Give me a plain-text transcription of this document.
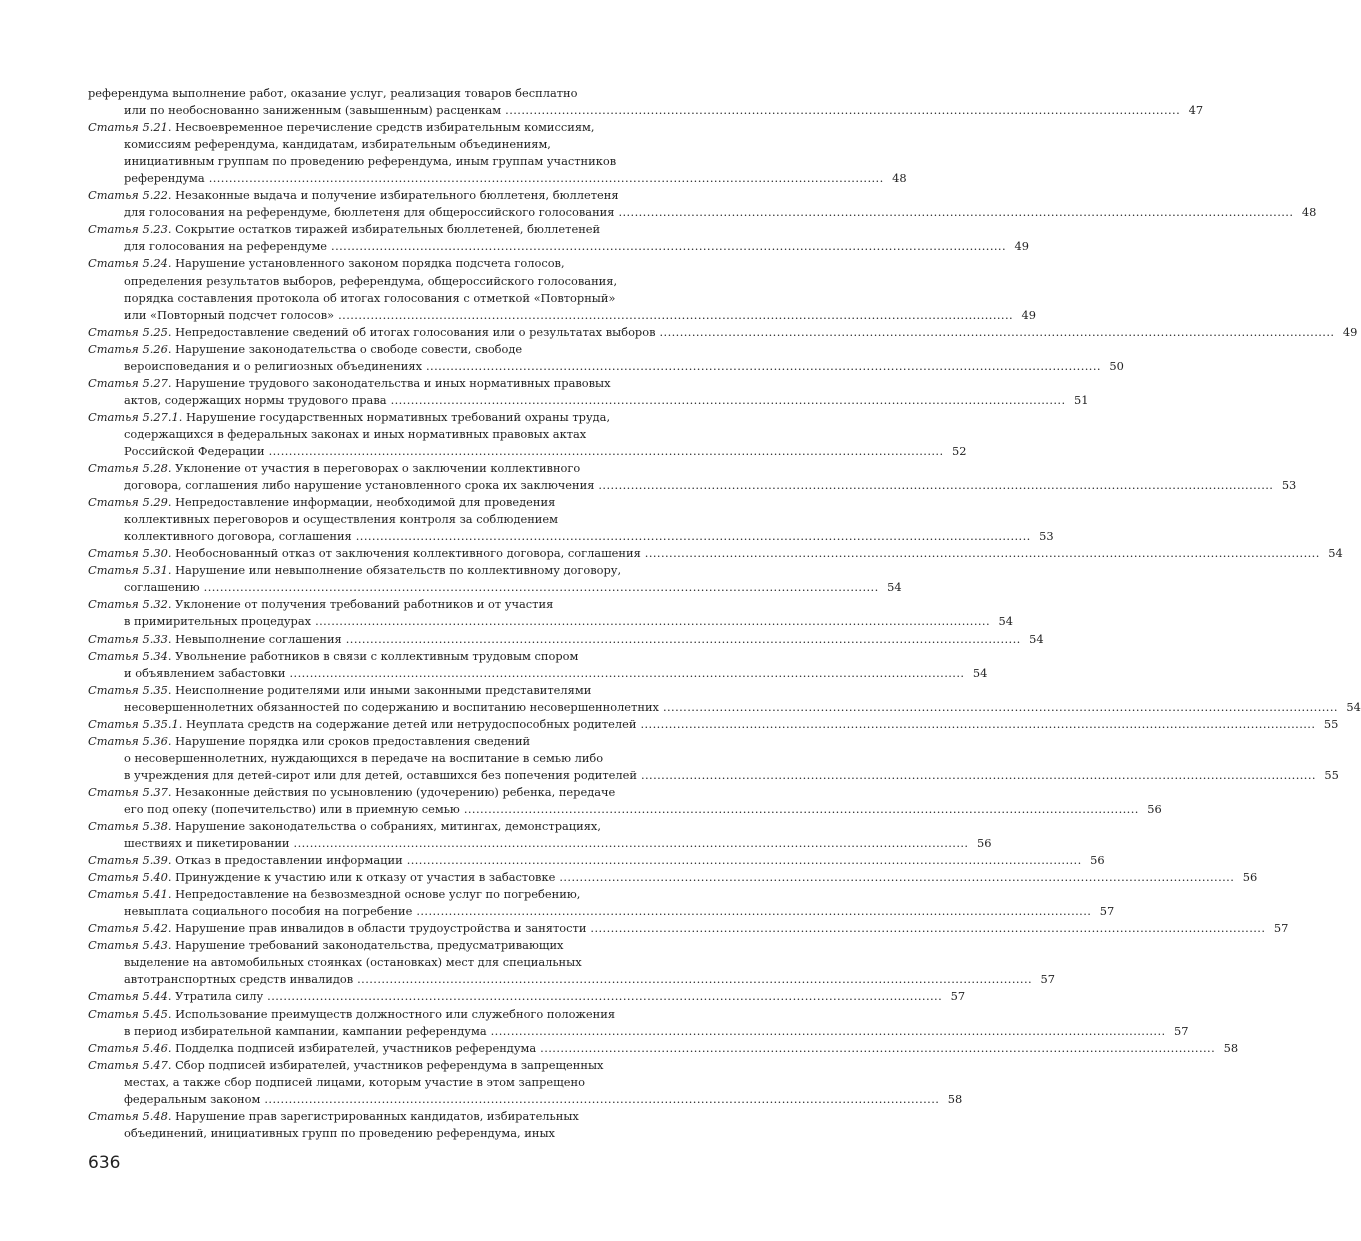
референдума выполнение работ, оказание услуг, реализация товаров бесплатно
или по необоснованно заниженным (завышенным) расценкам . . .	47
Статья 5.21. Несвоевременное перечисление средств избирательным комиссиям,
комиссиям референдума, кандидатам, избирательным объединениям,
инициативным группам по проведению референдума, иным группам участников
референдума . . .	48
Статья 5.22. Незаконные выдача и получение избирательного бюллетеня, бюллетеня
для голосования на референдуме, бюллетеня для общероссийского голосования . . .	48
Статья 5.23. Сокрытие остатков тиражей избирательных бюллетеней, бюллетеней
для голосования на референдуме . . .	49
Статья 5.24. Нарушение установленного законом порядка подсчета голосов,
определения результатов выборов, референдума, общероссийского голосования,
порядка составления протокола об итогах голосования с отметкой «Повторный»
или «Повторный подсчет голосов» . . .	49
Статья 5.25. Непредоставление сведений об итогах голосования или о результатах выборов . . .	49
Статья 5.26. Нарушение законодательства о свободе совести, свободе
вероисповедания и о религиозных объединениях . . .	50
Статья 5.27. Нарушение трудового законодательства и иных нормативных правовых
актов, содержащих нормы трудового права . . .	51
Статья 5.27.1. Нарушение государственных нормативных требований охраны труда,
содержащихся в федеральных законах и иных нормативных правовых актах
Российской Федерации . . .	52
Статья 5.28. Уклонение от участия в переговорах о заключении коллективного
договора, соглашения либо нарушение установленного срока их заключения . . .	53
Статья 5.29. Непредоставление информации, необходимой для проведения
коллективных переговоров и осуществления контроля за соблюдением
коллективного договора, соглашения . . .	53
Статья 5.30. Необоснованный отказ от заключения коллективного договора, соглашения . . .	54
Статья 5.31. Нарушение или невыполнение обязательств по коллективному договору,
соглашению . . .	54
Статья 5.32. Уклонение от получения требований работников и от участия
в примирительных процедурах . . .	54
Статья 5.33. Невыполнение соглашения . . .	54
Статья 5.34. Увольнение работников в связи с коллективным трудовым спором
и объявлением забастовки . . .	54
Статья 5.35. Неисполнение родителями или иными законными представителями
несовершеннолетних обязанностей по содержанию и воспитанию несовершеннолетних . . .	54
Статья 5.35.1. Неуплата средств на содержание детей или нетрудоспособных родителей . . .	55
Статья 5.36. Нарушение порядка или сроков предоставления сведений
о несовершеннолетних, нуждающихся в передаче на воспитание в семью либо
в учреждения для детей-сирот или для детей, оставшихся без попечения родителей . . .	55
Статья 5.37. Незаконные действия по усыновлению (удочерению) ребенка, передаче
его под опеку (попечительство) или в приемную семью . . .	56
Статья 5.38. Нарушение законодательства о собраниях, митингах, демонстрациях,
шествиях и пикетировании . . .	56
Статья 5.39. Отказ в предоставлении информации . . .	56
Статья 5.40. Принуждение к участию или к отказу от участия в забастовке . . .	56
Статья 5.41. Непредоставление на безвозмездной основе услуг по погребению,
невыплата социального пособия на погребение . . .	57
Статья 5.42. Нарушение прав инвалидов в области трудоустройства и занятости . . .	57
Статья 5.43. Нарушение требований законодательства, предусматривающих
выделение на автомобильных стоянках (остановках) мест для специальных
автотранспортных средств инвалидов . . .	57
Статья 5.44. Утратила силу . . .	57
Статья 5.45. Использование преимуществ должностного или служебного положения
в период избирательной кампании, кампании референдума . . .	57
Статья 5.46. Подделка подписей избирателей, участников референдума . . .	58
Статья 5.47. Сбор подписей избирателей, участников референдума в запрещенных
местах, а также сбор подписей лицами, которым участие в этом запрещено
федеральным законом . . .	58
Статья 5.48. Нарушение прав зарегистрированных кандидатов, избирательных
объединений, инициативных групп по проведению референдума, иных
636
